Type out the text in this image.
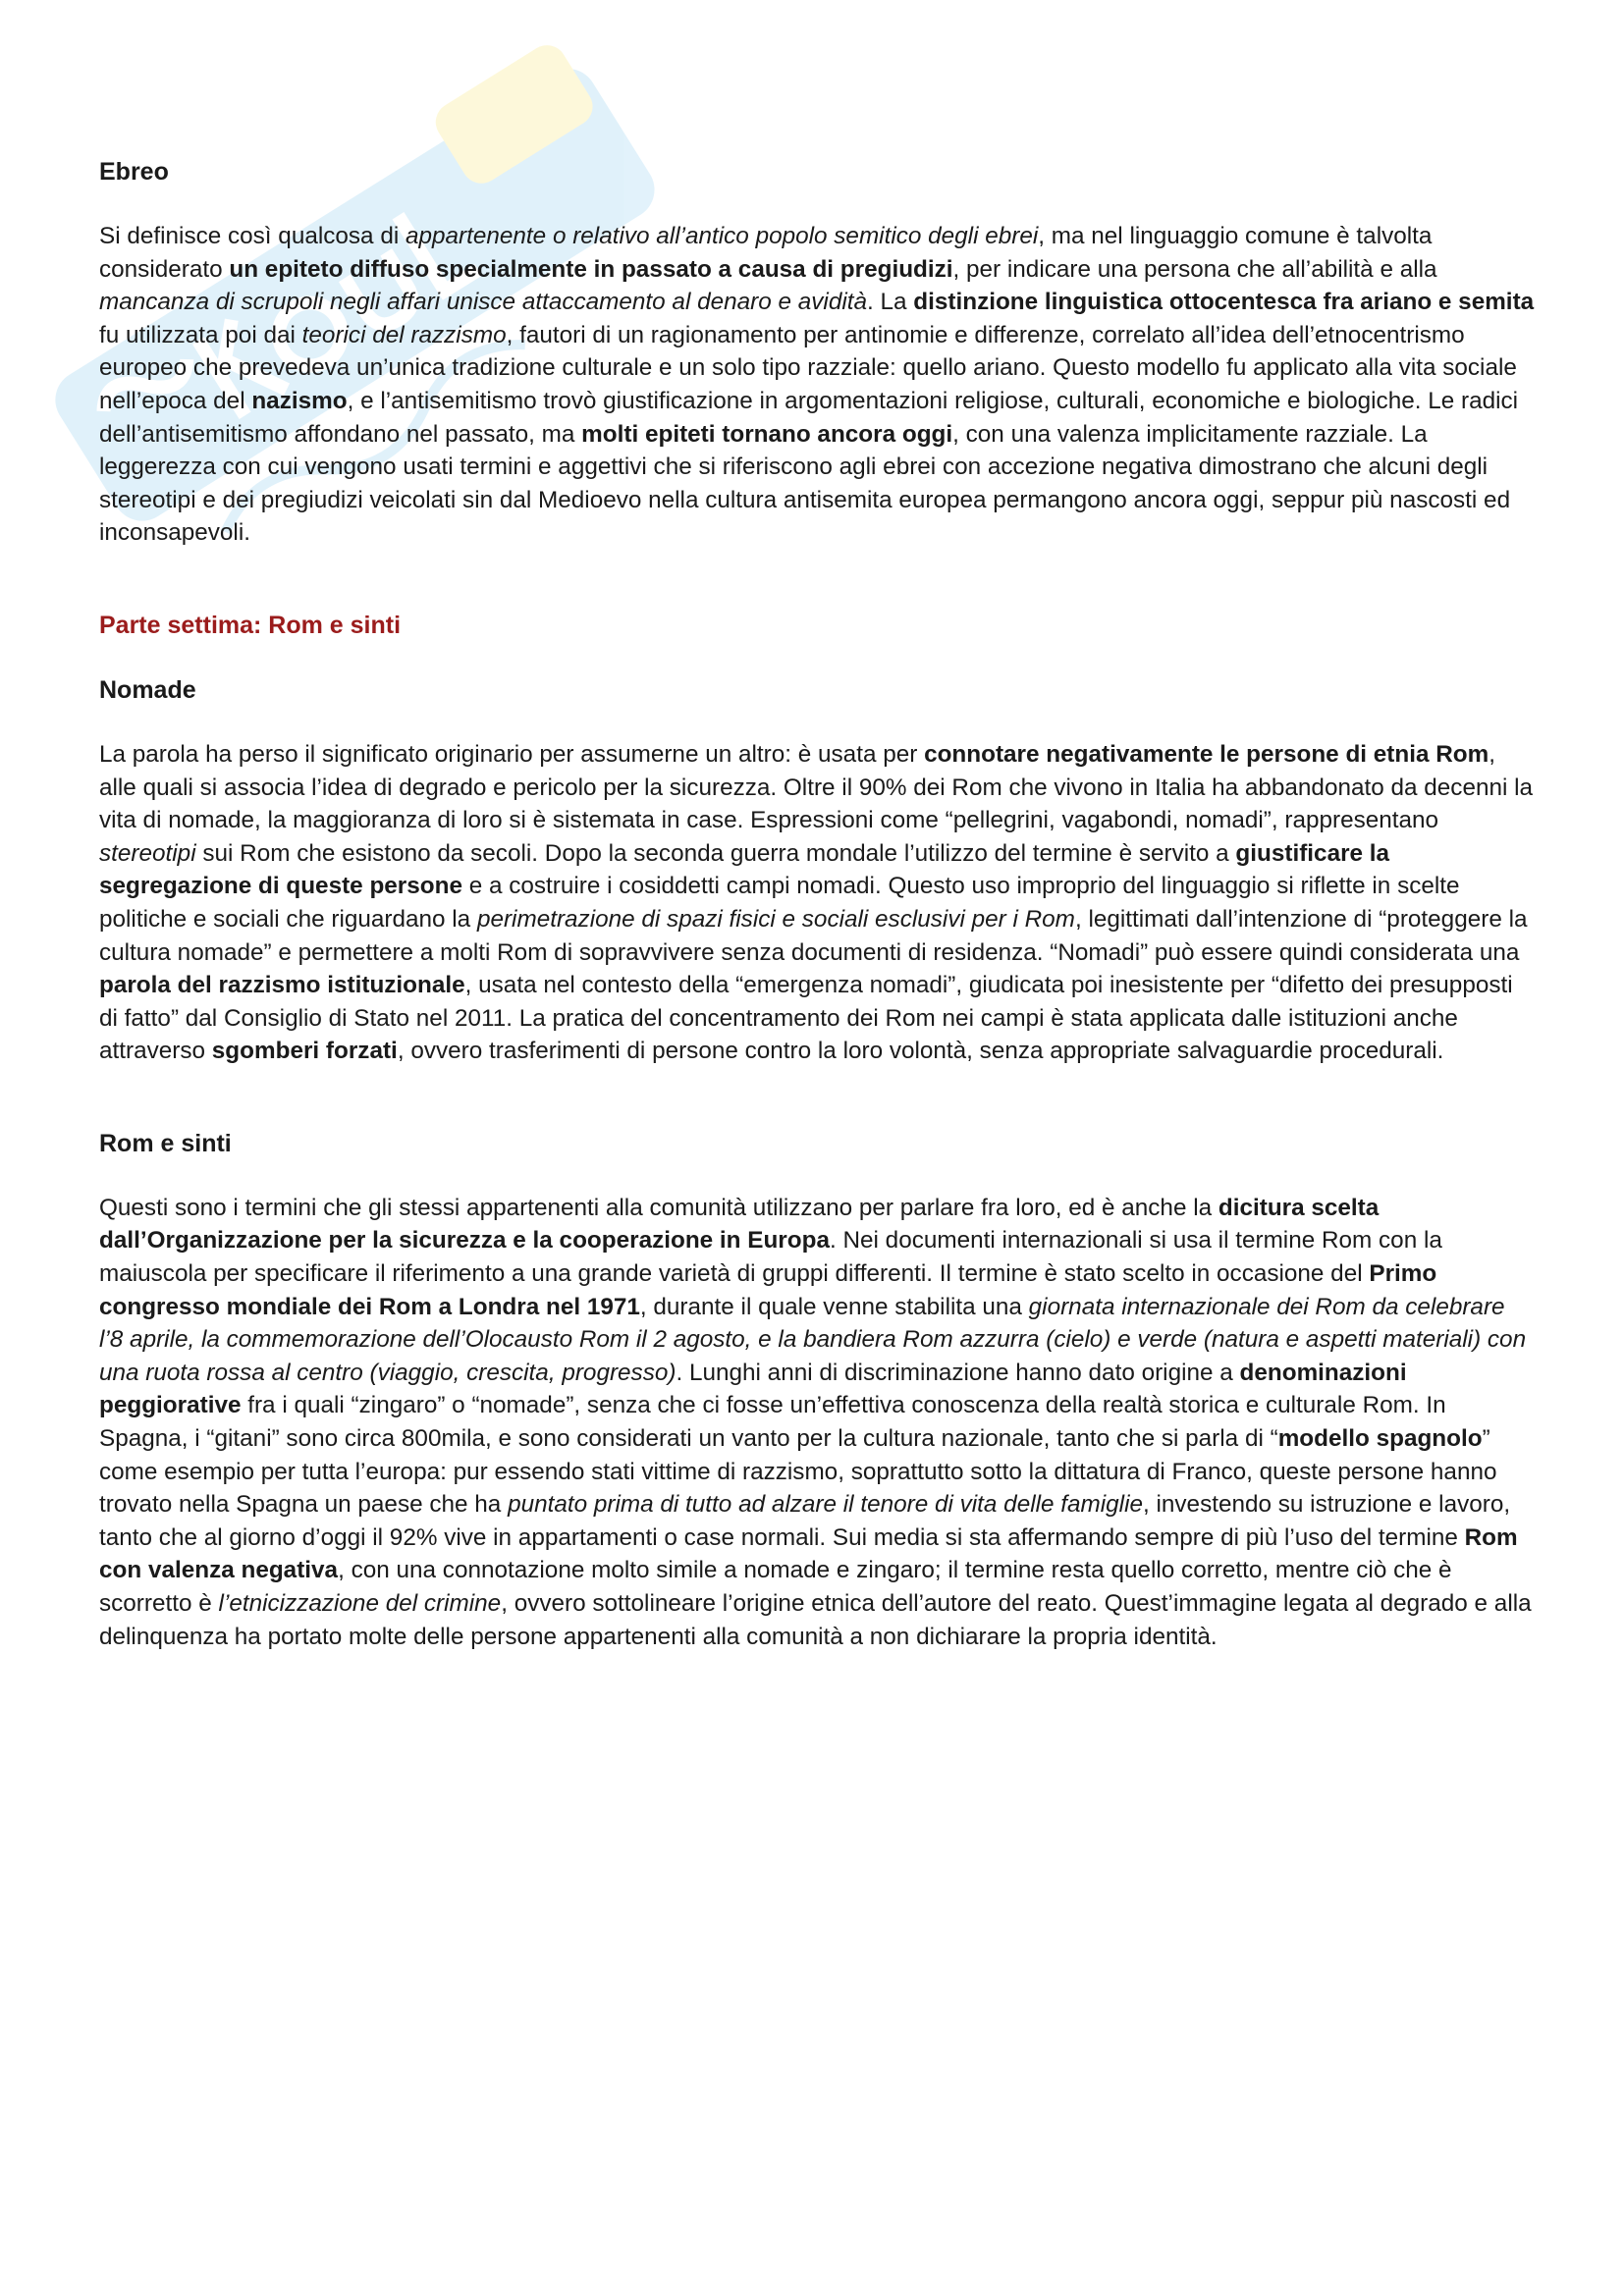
Ebreo

Si definisce così qualcosa di appartenente o relativo all’antico popolo semitico degli ebrei, ma nel linguaggio comune è talvolta considerato un epiteto diffuso specialmente in passato a causa di pregiudizi, per indicare una persona che all’abilità e alla mancanza di scrupoli negli affari unisce attaccamento al denaro e avidità. La distinzione linguistica ottocentesca fra ariano e semita fu utilizzata poi dai teorici del razzismo, fautori di un ragionamento per antinomie e differenze, correlato all’idea dell’etnocentrismo europeo che prevedeva un’unica tradizione culturale e un solo tipo razziale: quello ariano. Questo modello fu applicato alla vita sociale nell’epoca del nazismo, e l’antisemitismo trovò giustificazione in argomentazioni religiose, culturali, economiche e biologiche. Le radici dell’antisemitismo affondano nel passato, ma molti epiteti tornano ancora oggi, con una valenza implicitamente razziale. La leggerezza con cui vengono usati termini e aggettivi che si riferiscono agli ebrei con accezione negativa dimostrano che alcuni degli stereotipi e dei pregiudizi veicolati sin dal Medioevo nella cultura antisemita europea permangono ancora oggi, seppur più nascosti ed inconsapevoli.

Parte settima: Rom e sinti
Nomade

La parola ha perso il significato originario per assumerne un altro: è usata per connotare negativamente le persone di etnia Rom, alle quali si associa l’idea di degrado e pericolo per la sicurezza. Oltre il 90% dei Rom che vivono in Italia ha abbandonato da decenni la vita di nomade, la maggioranza di loro si è sistemata in case. Espressioni come “pellegrini, vagabondi, nomadi”, rappresentano stereotipi sui Rom che esistono da secoli. Dopo la seconda guerra mondale l’utilizzo del termine è servito a giustificare la segregazione di queste persone e a costruire i cosiddetti campi nomadi. Questo uso improprio del linguaggio si riflette in scelte politiche e sociali che riguardano la perimetrazione di spazi fisici e sociali esclusivi per i Rom, legittimati dall’intenzione di “proteggere la cultura nomade” e permettere a molti Rom di sopravvivere senza documenti di residenza. “Nomadi” può essere quindi considerata una parola del razzismo istituzionale, usata nel contesto della “emergenza nomadi”, giudicata poi inesistente per “difetto dei presupposti di fatto” dal Consiglio di Stato nel 2011. La pratica del concentramento dei Rom nei campi è stata applicata dalle istituzioni anche attraverso sgomberi forzati, ovvero trasferimenti di persone contro la loro volontà, senza appropriate salvaguardie procedurali.

Rom e sinti

Questi sono i termini che gli stessi appartenenti alla comunità utilizzano per parlare fra loro, ed è anche la dicitura scelta dall’Organizzazione per la sicurezza e la cooperazione in Europa. Nei documenti internazionali si usa il termine Rom con la maiuscola per specificare il riferimento a una grande varietà di gruppi differenti. Il termine è stato scelto in occasione del Primo congresso mondiale dei Rom a Londra nel 1971, durante il quale venne stabilita una giornata internazionale dei Rom da celebrare l’8 aprile, la commemorazione dell’Olocausto Rom il 2 agosto, e la bandiera Rom azzurra (cielo) e verde (natura e aspetti materiali) con una ruota rossa al centro (viaggio, crescita, progresso). Lunghi anni di discriminazione hanno dato origine a denominazioni peggiorative fra i quali “zingaro” o “nomade”, senza che ci fosse un’effettiva conoscenza della realtà storica e culturale Rom. In Spagna, i “gitani” sono circa 800mila, e sono considerati un vanto per la cultura nazionale, tanto che si parla di “modello spagnolo” come esempio per tutta l’europa: pur essendo stati vittime di razzismo, soprattutto sotto la dittatura di Franco, queste persone hanno trovato nella Spagna un paese che ha puntato prima di tutto ad alzare il tenore di vita delle famiglie, investendo su istruzione e lavoro, tanto che al giorno d’oggi il 92% vive in appartamenti o case normali. Sui media si sta affermando sempre di più l’uso del termine Rom con valenza negativa, con una connotazione molto simile a nomade e zingaro; il termine resta quello corretto, mentre ciò che è scorretto è l’etnicizzazione del crimine, ovvero sottolineare l’origine etnica dell’autore del reato. Quest’immagine legata al degrado e alla delinquenza ha portato molte delle persone appartenenti alla comunità a non dichiarare la propria identità.
